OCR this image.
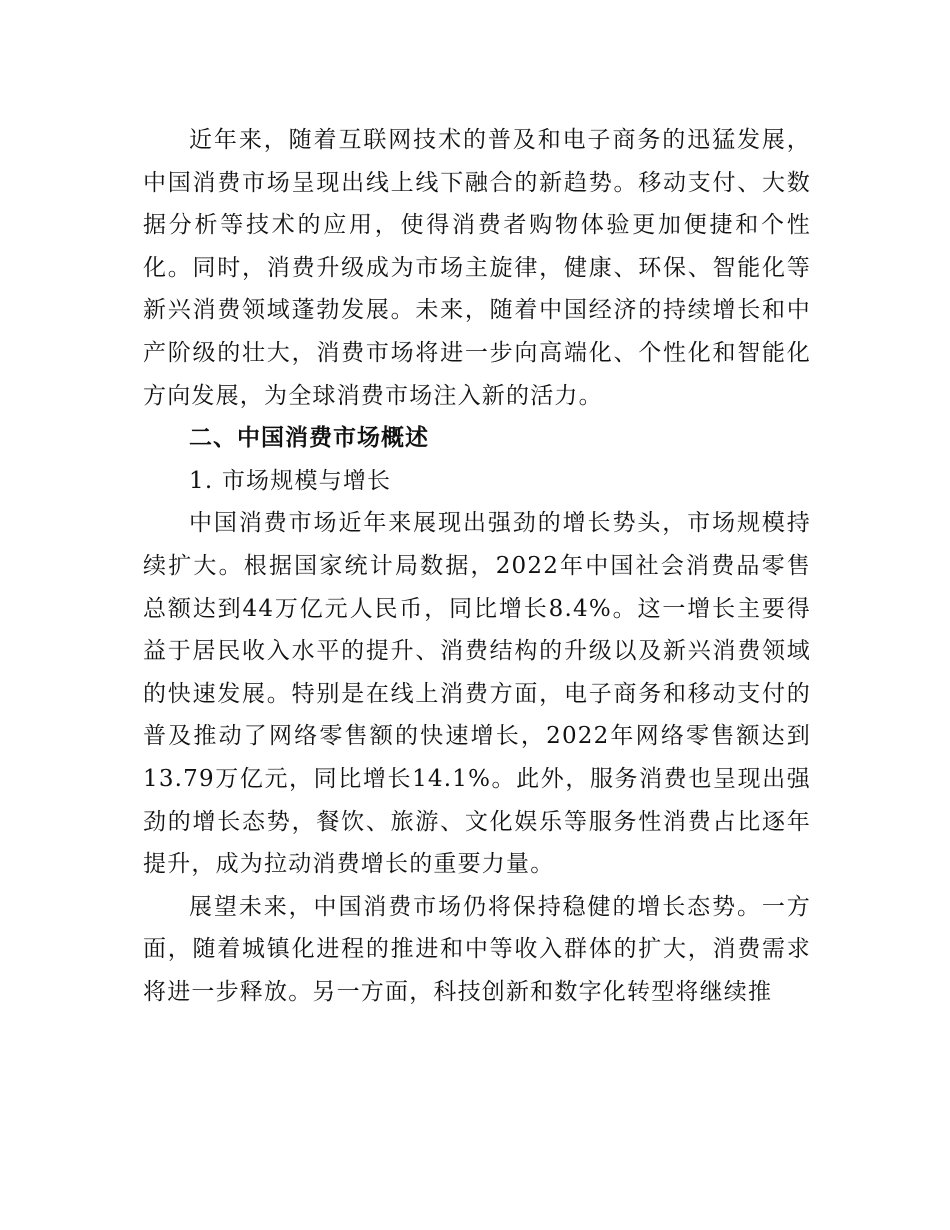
近年来，随着互联网技术的普及和电子商务的迅猛发展，中国消费市场呈现出线上线下融合的新趋势。移动支付、大数据分析等技术的应用，使得消费者购物体验更加便捷和个性化。同时，消费升级成为市场主旋律，健康、环保、智能化等新兴消费领域蓬勃发展。未来，随着中国经济的持续增长和中产阶级的壮大，消费市场将进一步向高端化、个性化和智能化方向发展，为全球消费市场注入新的活力。

二、中国消费市场概述

1. 市场规模与增长

中国消费市场近年来展现出强劲的增长势头，市场规模持续扩大。根据国家统计局数据，2022年中国社会消费品零售总额达到44万亿元人民币，同比增长8.4%。这一增长主要得益于居民收入水平的提升、消费结构的升级以及新兴消费领域的快速发展。特别是在线上消费方面，电子商务和移动支付的普及推动了网络零售额的快速增长，2022年网络零售额达到13.79万亿元，同比增长14.1%。此外，服务消费也呈现出强劲的增长态势，餐饮、旅游、文化娱乐等服务性消费占比逐年提升，成为拉动消费增长的重要力量。

展望未来，中国消费市场仍将保持稳健的增长态势。一方面，随着城镇化进程的推进和中等收入群体的扩大，消费需求将进一步释放。另一方面，科技创新和数字化转型将继续推
